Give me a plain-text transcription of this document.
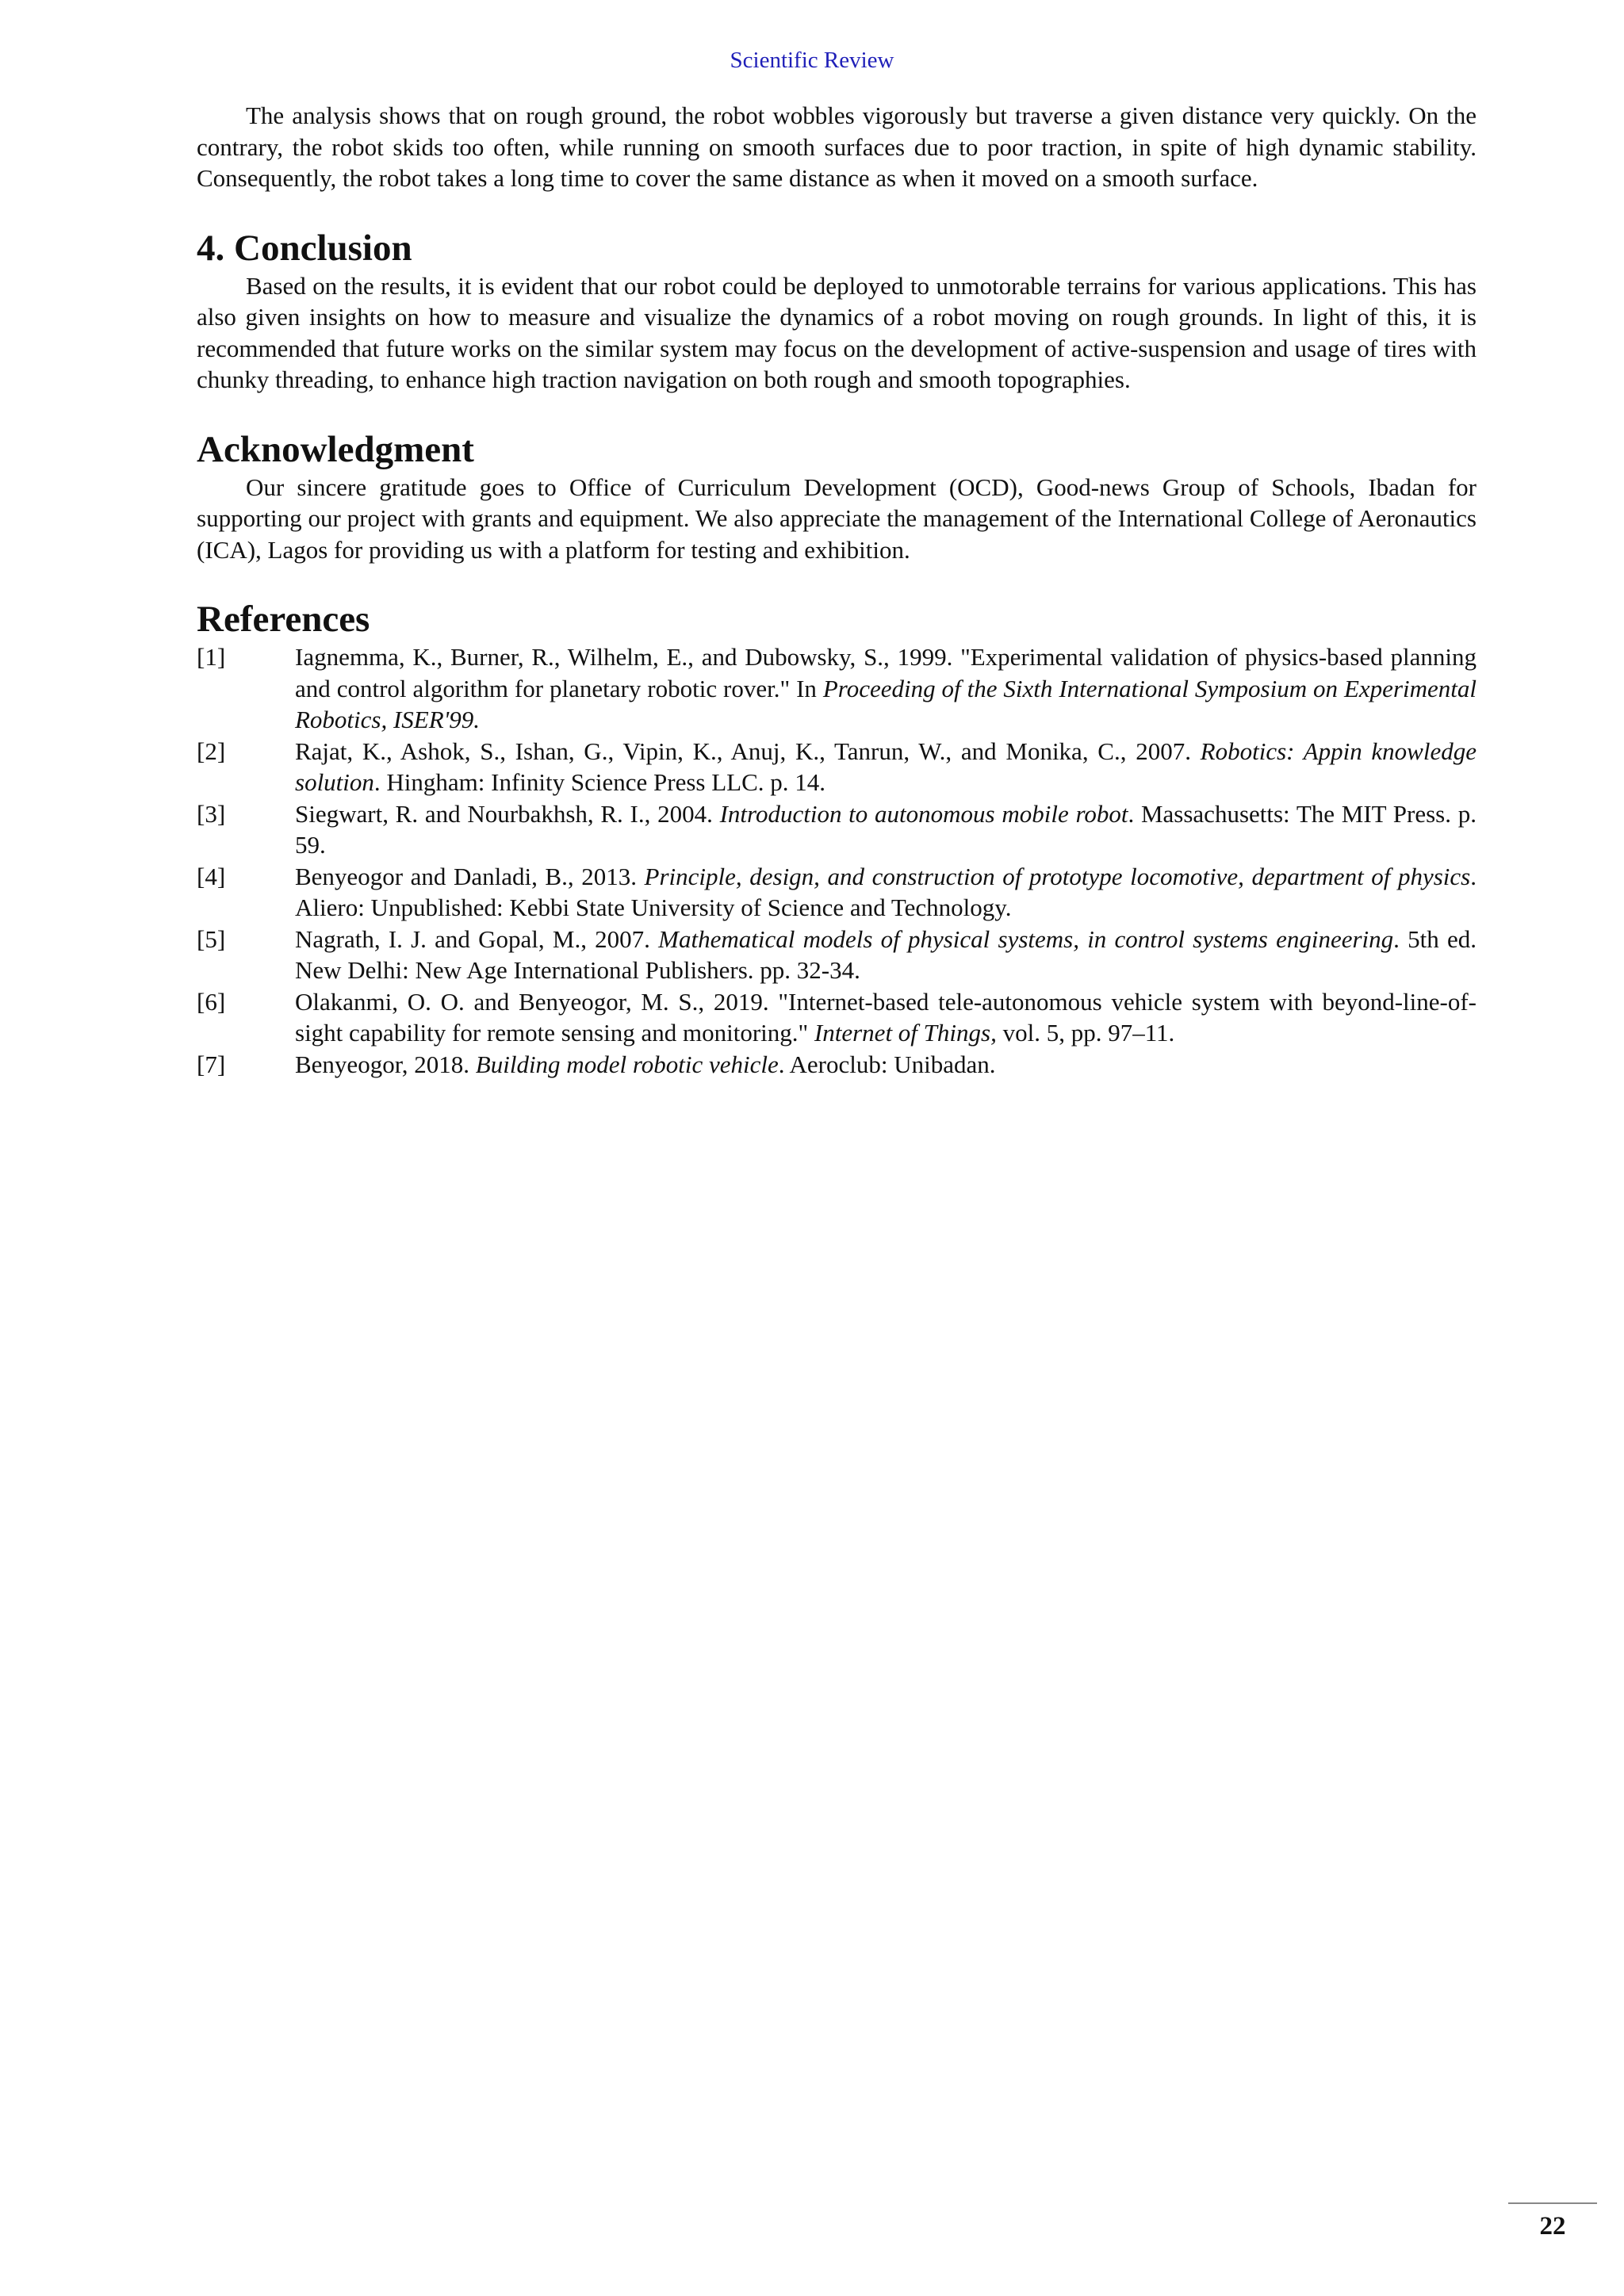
Scientific Review

The analysis shows that on rough ground, the robot wobbles vigorously but traverse a given distance very quickly. On the contrary, the robot skids too often, while running on smooth surfaces due to poor traction, in spite of high dynamic stability. Consequently, the robot takes a long time to cover the same distance as when it moved on a smooth surface.

4. Conclusion

Based on the results, it is evident that our robot could be deployed to unmotorable terrains for various applications. This has also given insights on how to measure and visualize the dynamics of a robot moving on rough grounds. In light of this, it is recommended that future works on the similar system may focus on the development of active-suspension and usage of tires with chunky threading, to enhance high traction navigation on both rough and smooth topographies.

Acknowledgment

Our sincere gratitude goes to Office of Curriculum Development (OCD), Good-news Group of Schools, Ibadan for supporting our project with grants and equipment. We also appreciate the management of the International College of Aeronautics (ICA), Lagos for providing us with a platform for testing and exhibition.

References
[1]	Iagnemma, K., Burner, R., Wilhelm, E., and Dubowsky, S., 1999. "Experimental validation of physics-based planning and control algorithm for planetary robotic rover." In Proceeding of the Sixth International Symposium on Experimental Robotics, ISER'99.
[2]	Rajat, K., Ashok, S., Ishan, G., Vipin, K., Anuj, K., Tanrun, W., and Monika, C., 2007. Robotics: Appin knowledge solution. Hingham: Infinity Science Press LLC. p. 14.
[3]	Siegwart, R. and Nourbakhsh, R. I., 2004. Introduction to autonomous mobile robot. Massachusetts: The MIT Press. p. 59.
[4]	Benyeogor and Danladi, B., 2013. Principle, design, and construction of prototype locomotive, department of physics. Aliero: Unpublished: Kebbi State University of Science and Technology.
[5]	Nagrath, I. J. and Gopal, M., 2007. Mathematical models of physical systems, in control systems engineering. 5th ed. New Delhi: New Age International Publishers. pp. 32-34.
[6]	Olakanmi, O. O. and Benyeogor, M. S., 2019. "Internet-based tele-autonomous vehicle system with beyond-line-of-sight capability for remote sensing and monitoring." Internet of Things, vol. 5, pp. 97–11.
[7]	Benyeogor, 2018. Building model robotic vehicle. Aeroclub: Unibadan.
22
